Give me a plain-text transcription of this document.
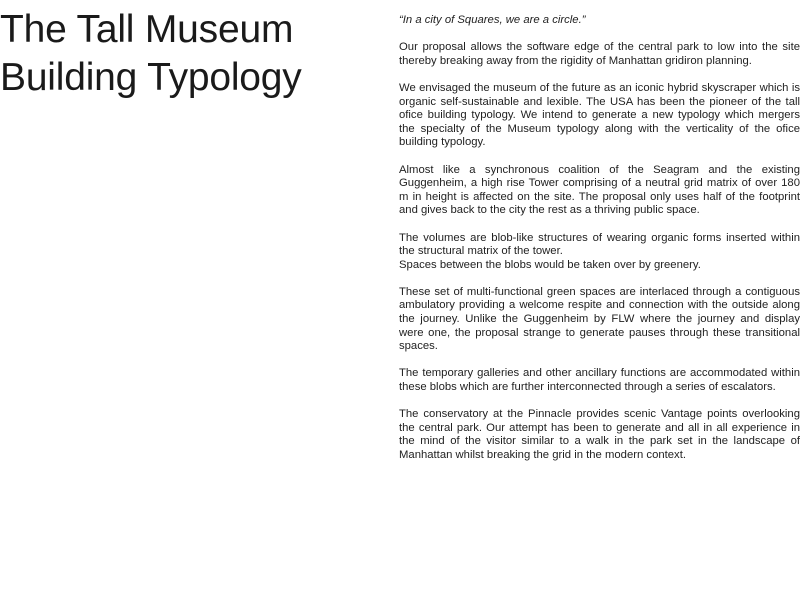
The Tall Museum
Building Typology

“In a city of Squares, we are a circle.”

Our proposal allows the software edge of the central park to low into the site thereby breaking away from the rigidity of Manhattan gridiron planning.

We envisaged the museum of the future as an iconic hybrid skyscraper which is organic self-sustainable and lexible. The USA has been the pioneer of the tall ofice building typology. We intend to generate a new typology which mergers the specialty of the Museum typology along with the verticality of the ofice building typology.

Almost like a synchronous coalition of the Seagram and the existing Guggenheim, a high rise Tower comprising of a neutral grid matrix of over 180 m in height is affected on the site. The proposal only uses half of the footprint and gives back to the city the rest as a thriving public space.

The volumes are blob-like structures of wearing organic forms inserted within the structural matrix of the tower.
Spaces between the blobs would be taken over by greenery.

These set of multi-functional green spaces are interlaced through a contiguous ambulatory providing a welcome respite and connection with the outside along the journey. Unlike the Guggenheim by FLW where the journey and display were one, the proposal strange to generate pauses through these transitional spaces.

The temporary galleries and other ancillary functions are accommodated within these blobs which are further interconnected through a series of escalators.

The conservatory at the Pinnacle provides scenic Vantage points overlooking the central park. Our attempt has been to generate and all in all experience in the mind of the visitor similar to a walk in the park set in the landscape of Manhattan whilst breaking the grid in the modern context.
